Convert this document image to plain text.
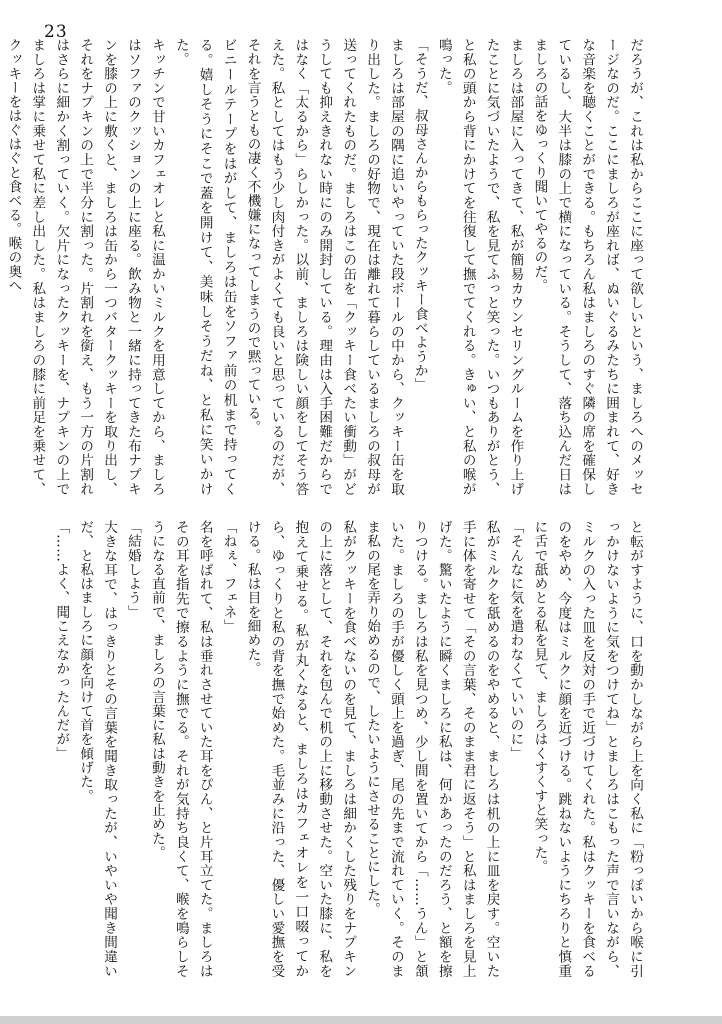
23

だろうが、これは私からここに座って欲しいという、ましろへのメッセージなのだ。ここにましろが座れば、ぬいぐるみたちに囲まれて、好きな音楽を聴くことができる。もちろん私はましろのすぐ隣の席を確保しているし、大半は膝の上で横になっている。そうして、落ち込んだ日はましろの話をゆっくり聞いてやるのだ。

ましろは部屋に入ってきて、私が簡易カウンセリングルームを作り上げたことに気づいたようで、私を見てふっと笑った。いつもありがとう、と私の頭から背にかけてを往復して撫でてくれる。きゅい、と私の喉が鳴った。

「そうだ、叔母さんからもらったクッキー食べようか」

ましろは部屋の隅に追いやっていた段ボールの中から、クッキー缶を取り出した。ましろの好物で、現在は離れて暮らしているましろの叔母が送ってくれたものだ。ましろはこの缶を「クッキー食べたい衝動」がどうしても抑えきれない時にのみ開封している。理由は入手困難だからではなく「太るから」らしかった。以前、ましろは険しい顔をしてそう答えた。私としてはもう少し肉付きがよくても良いと思っているのだが、それを言うともの凄く不機嫌になってしまうので黙っている。

ビニールテープをはがして、ましろは缶をソファ前の机まで持ってくる。嬉しそうにそこで蓋を開けて、美味しそうだね、と私に笑いかけた。

キッチンで甘いカフェオレと私に温かいミルクを用意してから、ましろはソファのクッションの上に座る。飲み物と一緒に持ってきた布ナプキンを膝の上に敷くと、ましろは缶から一つバタークッキーを取り出し、それをナプキンの上で半分に割った。片割れを銜え、もう一方の片割れはさらに細かく割っていく。欠片になったクッキーを、ナプキンの上でましろは掌に乗せて私に差し出した。私はましろの膝に前足を乗せて、クッキーをはぐはぐと食べる。喉の奥へ

と転がすように、口を動かしながら上を向く私に「粉っぽいから喉に引っかけないように気をつけてね」とましろはこもった声で言いながら、ミルクの入った皿を反対の手で近づけてくれた。私はクッキーを食べるのをやめ、今度はミルクに顔を近づける。跳ねないようにちろりと慎重に舌で舐めとる私を見て、ましろはくすくすと笑った。

「そんなに気を遣わなくていいのに」

私がミルクを舐めるのをやめると、ましろは机の上に皿を戻す。空いた手に体を寄せて「その言葉、そのまま君に返そう」と私はましろを見上げた。驚いたように瞬くましろに私は、何かあったのだろう、と額を擦りつける。ましろは私を見つめ、少し間を置いてから「……うん」と頷いた。ましろの手が優しく頭上を過ぎ、尾の先まで流れていく。そのまま私の尾を弄り始めるので、したいようにさせることにした。

私がクッキーを食べないのを見て、ましろは細かくした残りをナプキンの上に落として、それを包んで机の上に移動させた。空いた膝に、私を抱えて乗せる。私が丸くなると、ましろはカフェオレを一口啜ってから、ゆっくりと私の背を撫で始めた。毛並みに沿った、優しい愛撫を受ける。私は目を細めた。

「ねぇ、フェネ」

名を呼ばれて、私は垂れさせていた耳をぴん、と片耳立てた。ましろはその耳を指先で擦るように撫でる。それが気持ち良くて、喉を鳴らしそうになる直前で、ましろの言葉に私は動きを止めた。

「結婚しよう」

大きな耳で、はっきりとその言葉を聞き取ったが、いやいや聞き間違いだ、と私はましろに顔を向けて首を傾げた。

「……よく、聞こえなかったんだが」
